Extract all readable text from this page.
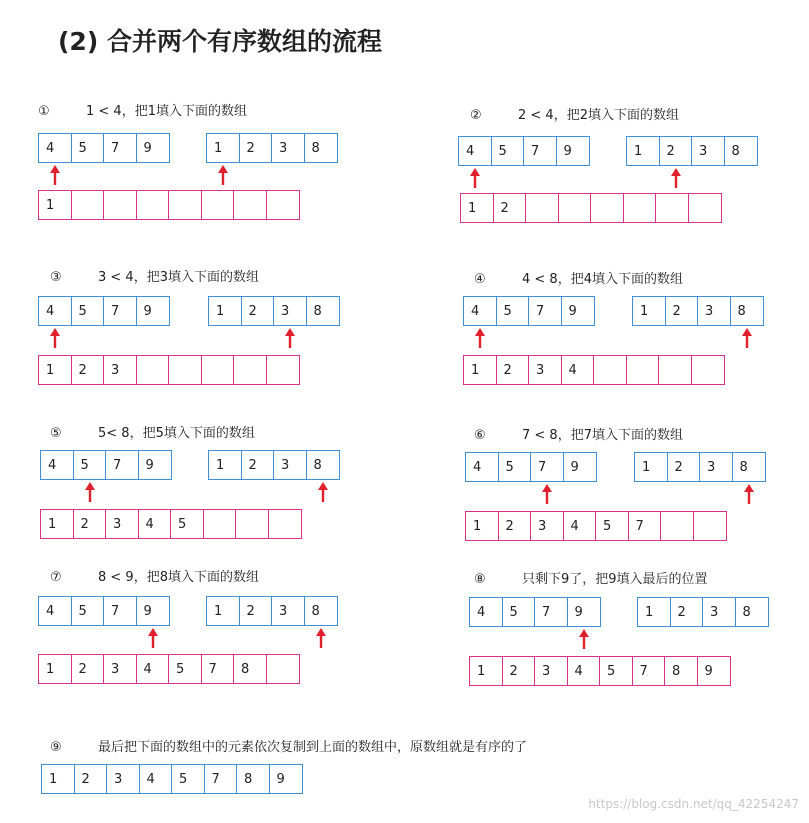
(2) 合并两个有序数组的流程
①	1 < 4，把1填入下面的数组
4	5	7	9	1	2	3	8
1
②	2 < 4，把2填入下面的数组
4	5	7	9	1	2	3	8
1	2
③	3 < 4，把3填入下面的数组
4	5	7	9	1	2	3	8
1	2	3
④	4 < 8，把4填入下面的数组
4	5	7	9	1	2	3	8
1	2	3	4
⑤	5< 8，把5填入下面的数组
4	5	7	9	1	2	3	8
1	2	3	4	5
⑥	7 < 8，把7填入下面的数组
4	5	7	9	1	2	3	8
1	2	3	4	5	7
⑦	8 < 9，把8填入下面的数组
4	5	7	9	1	2	3	8
1	2	3	4	5	7	8
⑧	只剩下9了，把9填入最后的位置
4	5	7	9	1	2	3	8
1	2	3	4	5	7	8	9
⑨	最后把下面的数组中的元素依次复制到上面的数组中，原数组就是有序的了
1	2	3	4	5	7	8	9
https://blog.csdn.net/qq_42254247
